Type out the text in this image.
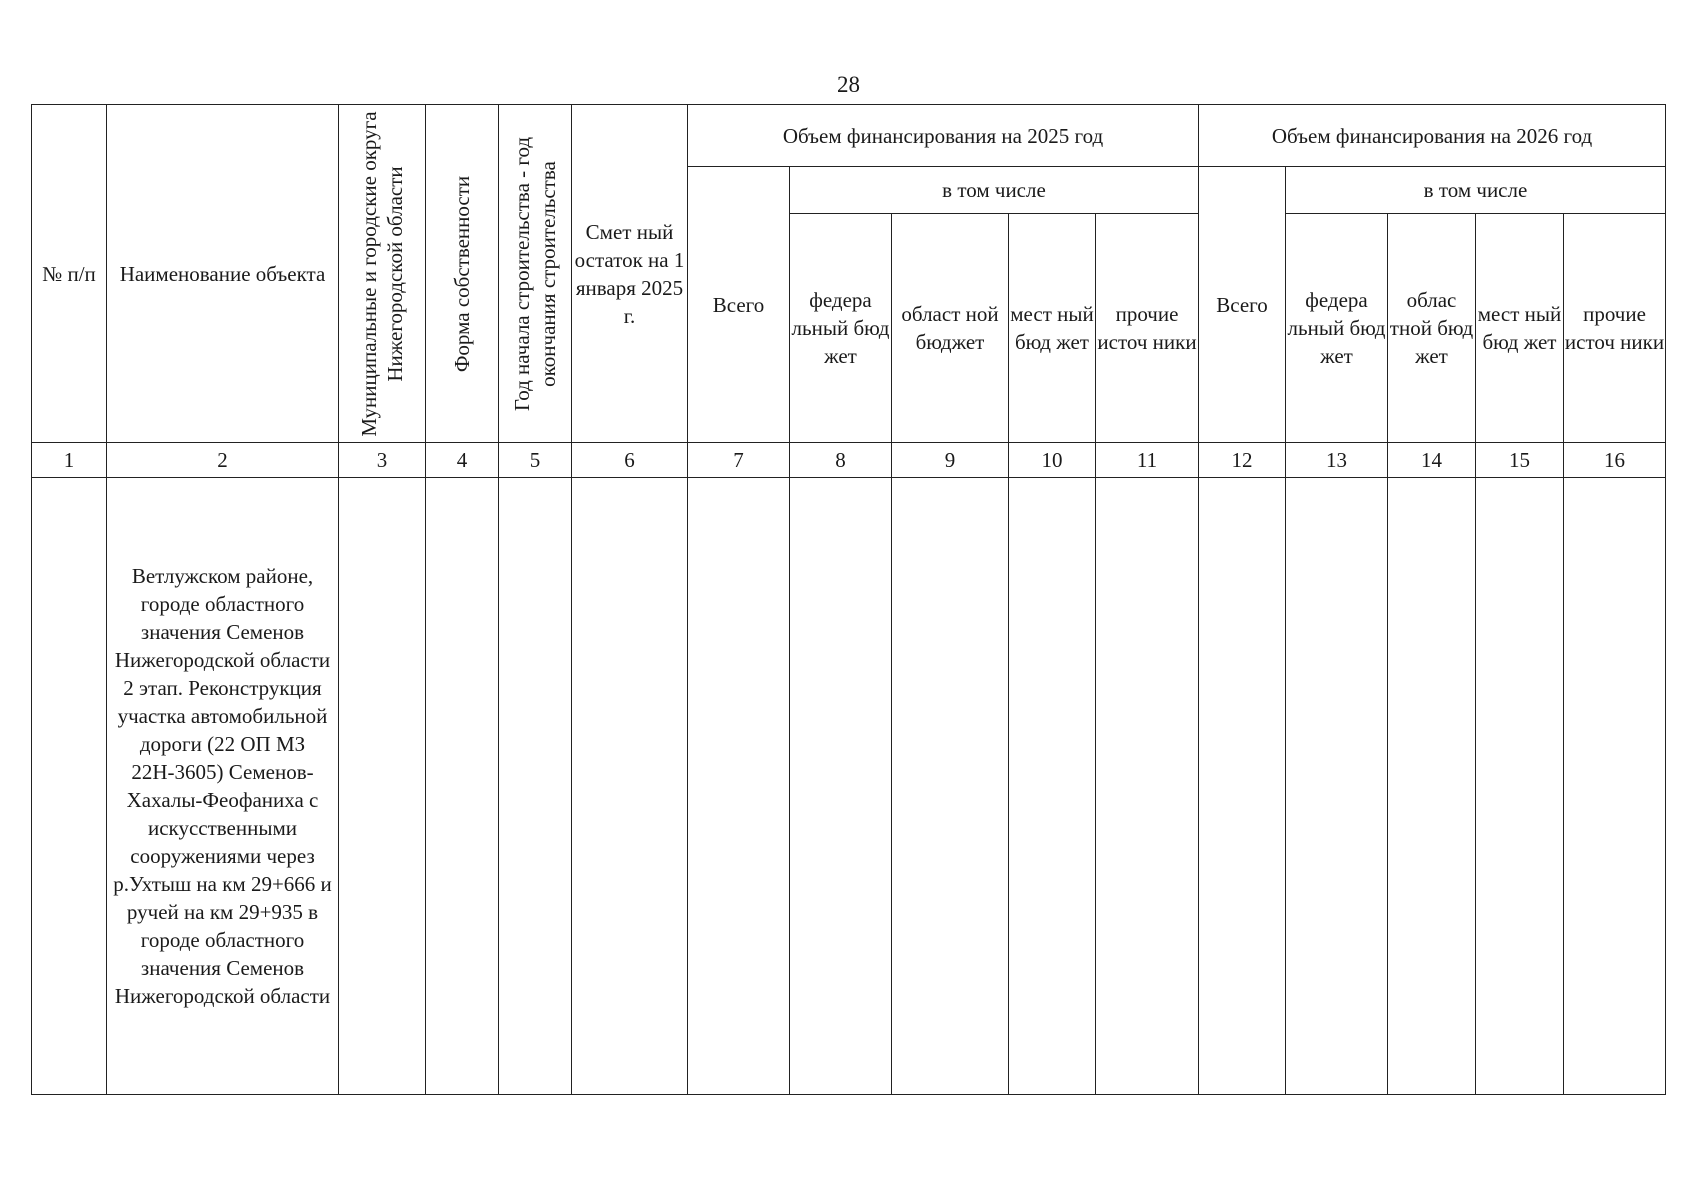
28
№ п/п	Наименование объекта	Муниципальные и городские округа Нижегородской области	Форма собственности	Год начала строительства - год окончания строительства	Смет ный остаток на 1 января 2025 г.	Объем финансирования на 2025 год					Объем финансирования на 2026 год				
						Всего	в том числе				Всего	в том числе			
							федера льный бюд жет	област ной бюджет	мест ный бюд жет	прочие источ ники		федера льный бюд жет	облас тной бюд жет	мест ный бюд жет	прочие источ ники
1	2	3	4	5	6	7	8	9	10	11	12	13	14	15	16
	Ветлужском районе, городе областного значения Семенов Нижегородской области 2 этап. Реконструкция участка автомобильной дороги (22 ОП МЗ 22Н-3605) Семенов-Хахалы-Феофаниха с искусственными сооружениями через р.Ухтыш на км 29+666 и ручей на км 29+935 в городе областного значения Семенов Нижегородской области														
